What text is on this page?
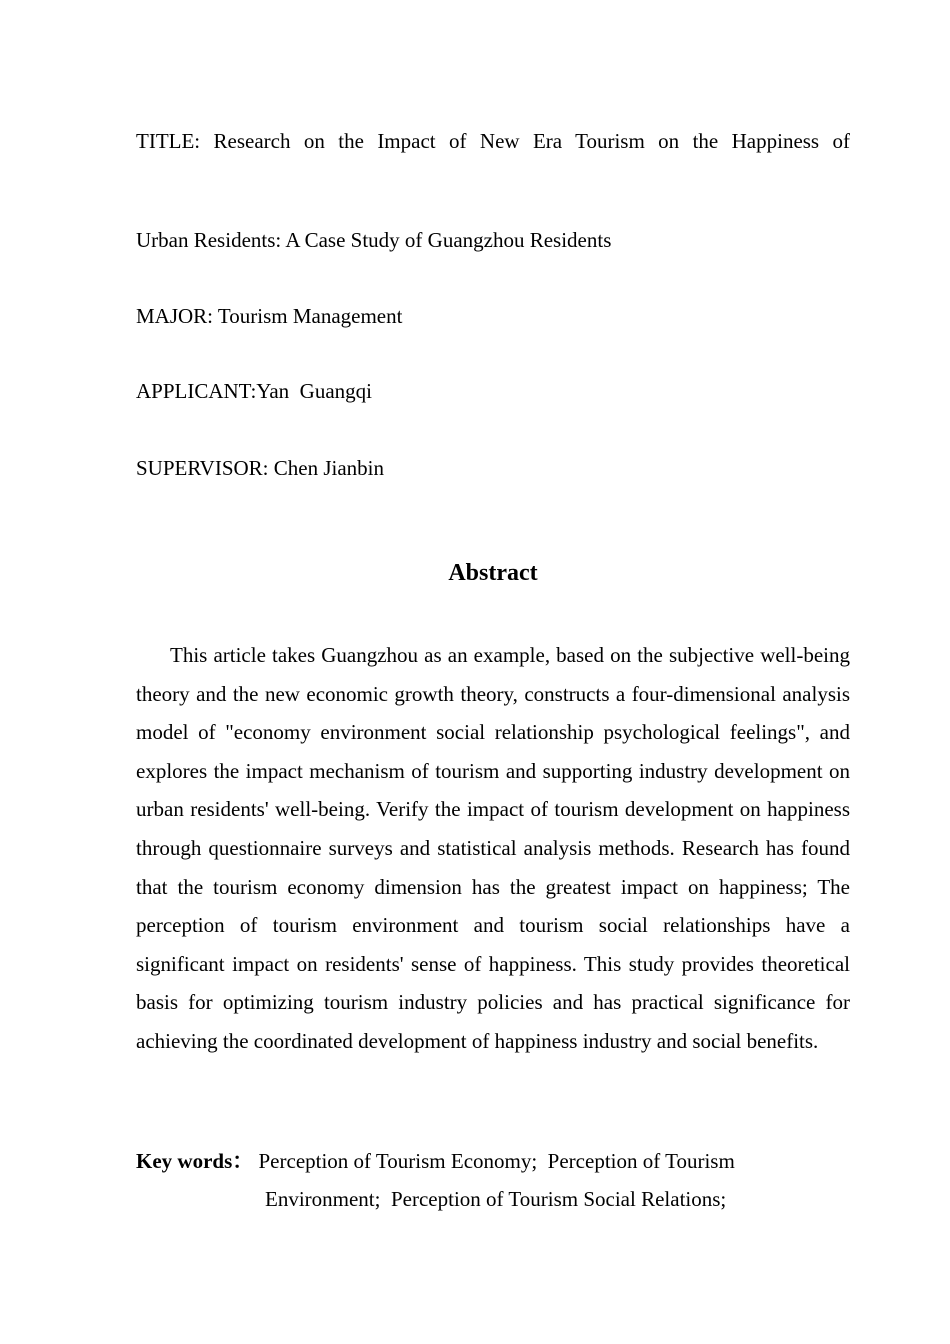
TITLE: Research on the Impact of New Era Tourism on the Happiness of
Urban Residents: A Case Study of Guangzhou Residents
MAJOR: Tourism Management
APPLICANT:Yan  Guangqi
SUPERVISOR: Chen Jianbin
Abstract

This article takes Guangzhou as an example, based on the subjective well-being theory and the new economic growth theory, constructs a four-dimensional analysis model of "economy environment social relationship psychological feelings", and explores the impact mechanism of tourism and supporting industry development on urban residents' well-being. Verify the impact of tourism development on happiness through questionnaire surveys and statistical analysis methods. Research has found that the tourism economy dimension has the greatest impact on happiness; The perception of tourism environment and tourism social relationships have a significant impact on residents' sense of happiness. This study provides theoretical basis for optimizing tourism industry policies and has practical significance for achieving the coordinated development of happiness industry and social benefits.

Key words： Perception of Tourism Economy;  Perception of Tourism
Environment;  Perception of Tourism Social Relations;
